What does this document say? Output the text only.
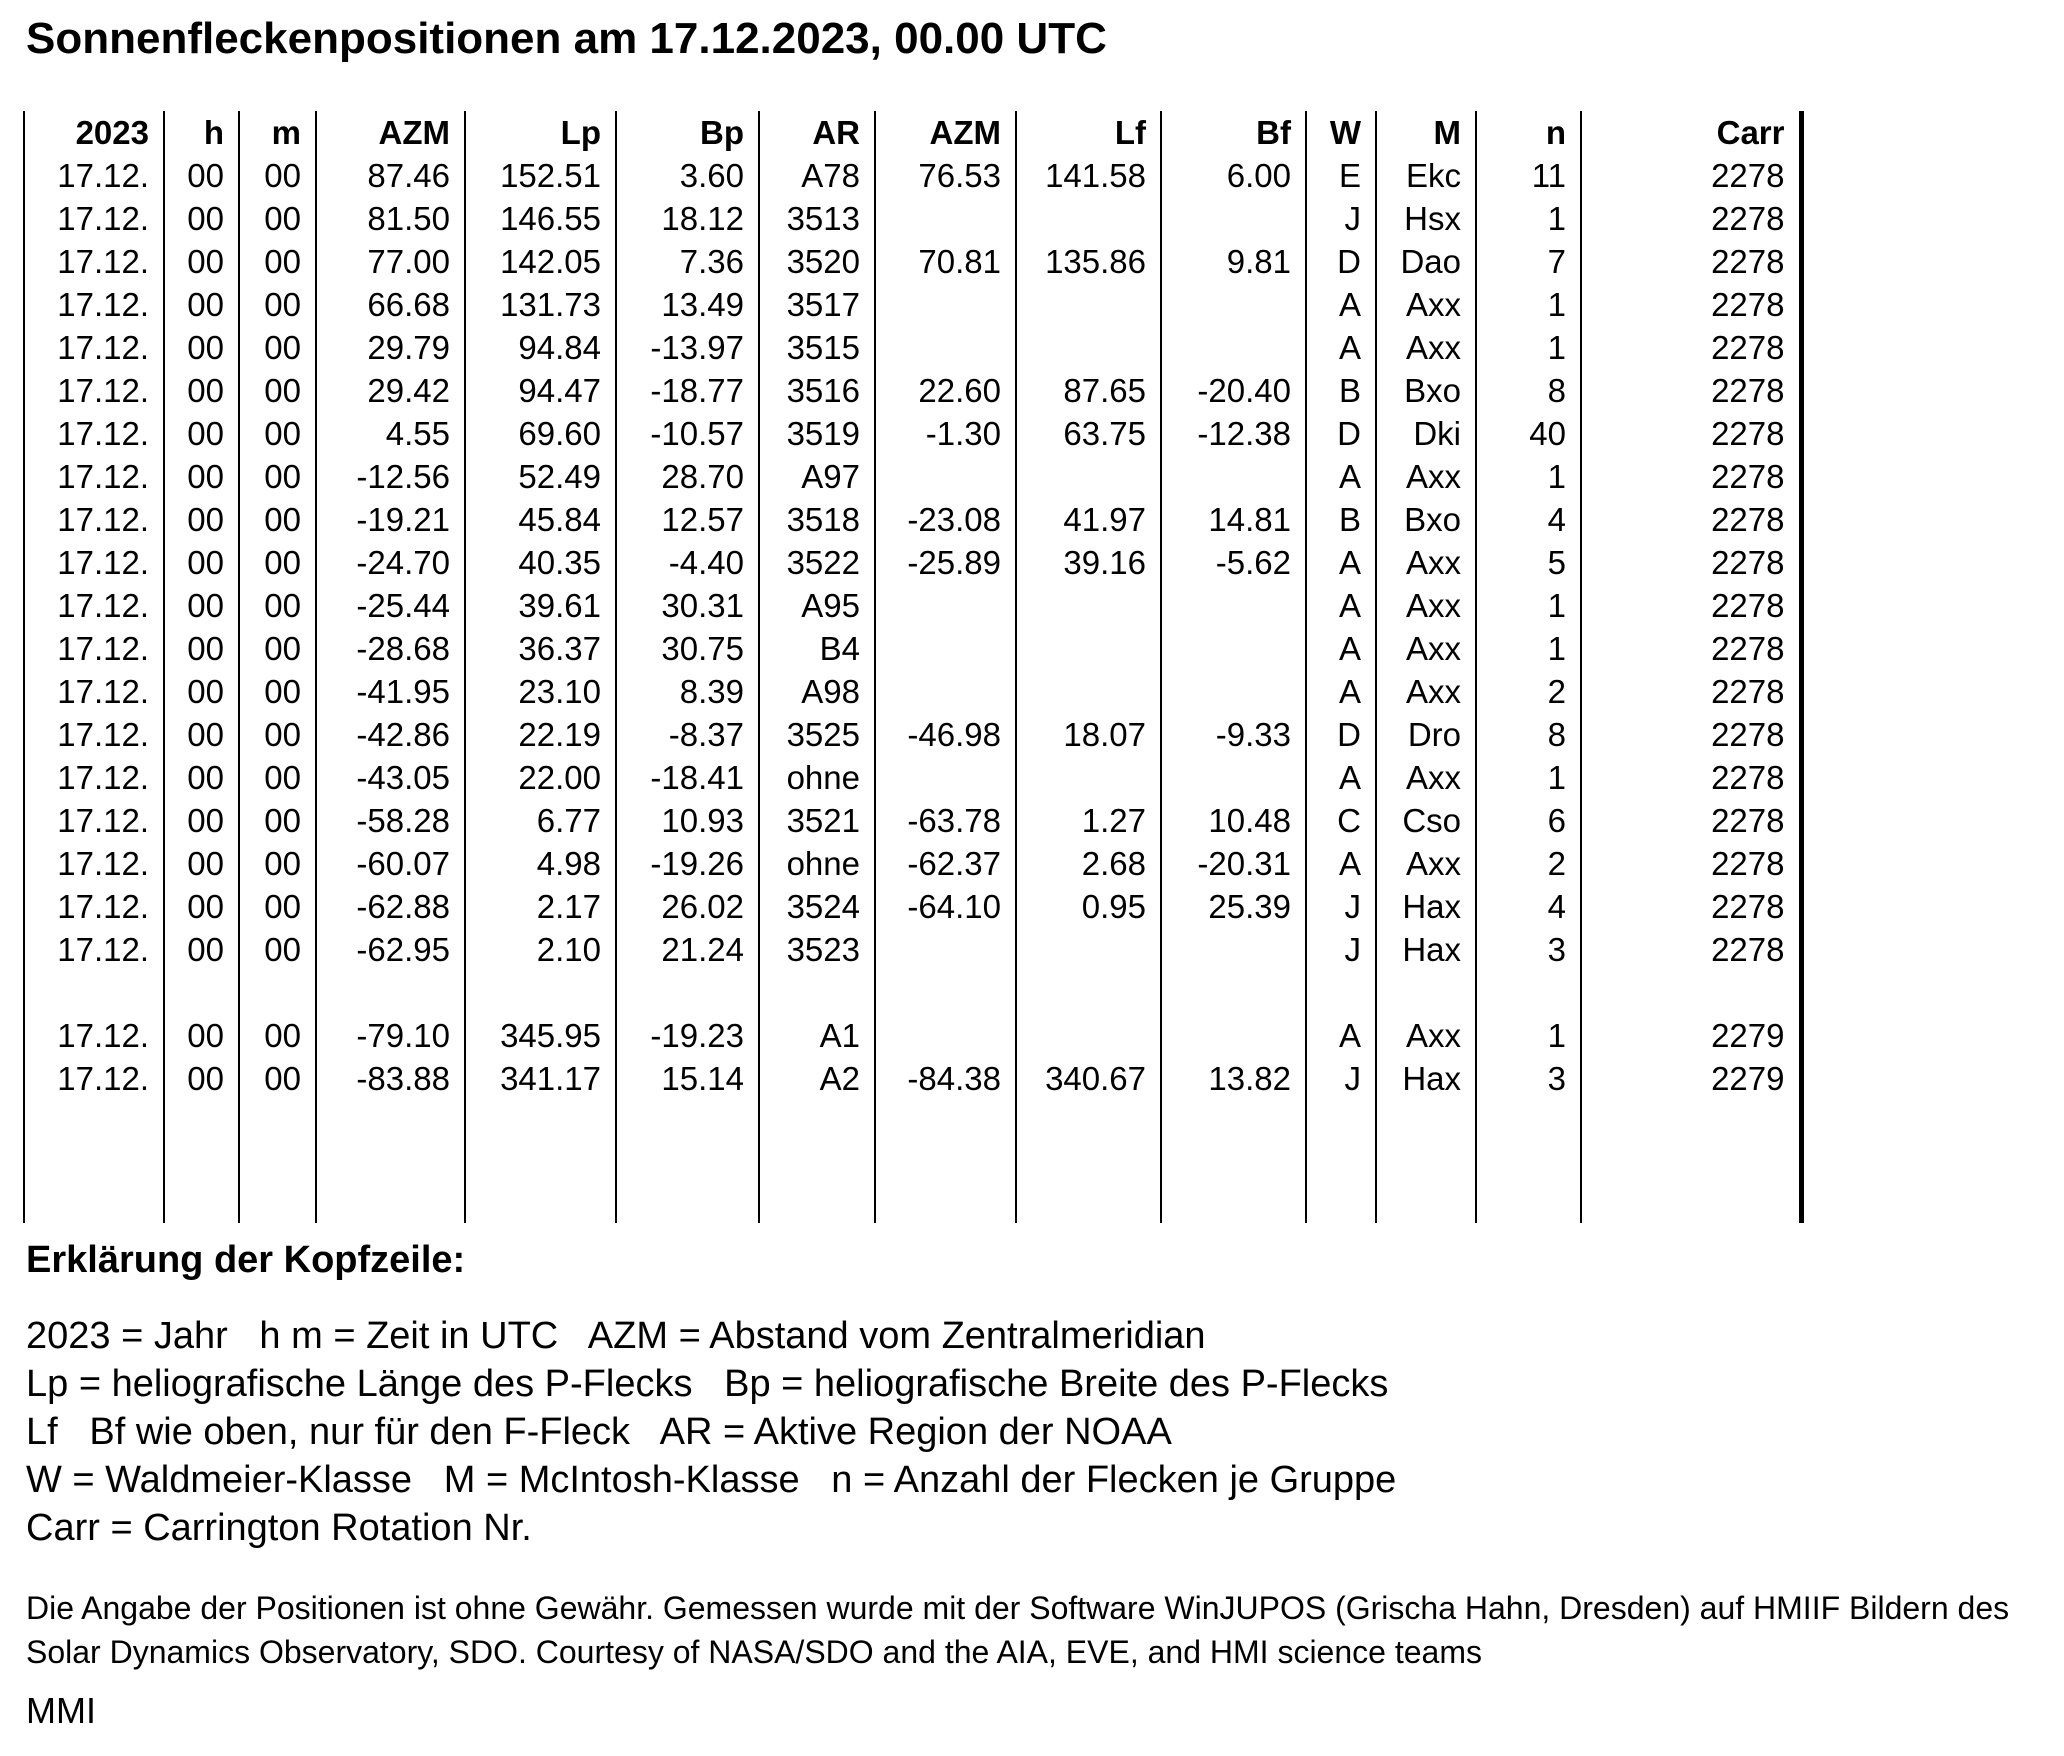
Sonnenfleckenpositionen am 17.12.2023, 00.00 UTC
2023	h	m	AZM	Lp	Bp	AR	AZM	Lf	Bf	W	M	n	Carr
17.12.	00	00	87.46	152.51	3.60	A78	76.53	141.58	6.00	E	Ekc	11	2278
17.12.	00	00	81.50	146.55	18.12	3513				J	Hsx	1	2278
17.12.	00	00	77.00	142.05	7.36	3520	70.81	135.86	9.81	D	Dao	7	2278
17.12.	00	00	66.68	131.73	13.49	3517				A	Axx	1	2278
17.12.	00	00	29.79	94.84	-13.97	3515				A	Axx	1	2278
17.12.	00	00	29.42	94.47	-18.77	3516	22.60	87.65	-20.40	B	Bxo	8	2278
17.12.	00	00	4.55	69.60	-10.57	3519	-1.30	63.75	-12.38	D	Dki	40	2278
17.12.	00	00	-12.56	52.49	28.70	A97				A	Axx	1	2278
17.12.	00	00	-19.21	45.84	12.57	3518	-23.08	41.97	14.81	B	Bxo	4	2278
17.12.	00	00	-24.70	40.35	-4.40	3522	-25.89	39.16	-5.62	A	Axx	5	2278
17.12.	00	00	-25.44	39.61	30.31	A95				A	Axx	1	2278
17.12.	00	00	-28.68	36.37	30.75	B4				A	Axx	1	2278
17.12.	00	00	-41.95	23.10	8.39	A98				A	Axx	2	2278
17.12.	00	00	-42.86	22.19	-8.37	3525	-46.98	18.07	-9.33	D	Dro	8	2278
17.12.	00	00	-43.05	22.00	-18.41	ohne				A	Axx	1	2278
17.12.	00	00	-58.28	6.77	10.93	3521	-63.78	1.27	10.48	C	Cso	6	2278
17.12.	00	00	-60.07	4.98	-19.26	ohne	-62.37	2.68	-20.31	A	Axx	2	2278
17.12.	00	00	-62.88	2.17	26.02	3524	-64.10	0.95	25.39	J	Hax	4	2278
17.12.	00	00	-62.95	2.10	21.24	3523				J	Hax	3	2278

17.12.	00	00	-79.10	345.95	-19.23	A1				A	Axx	1	2279
17.12.	00	00	-83.88	341.17	15.14	A2	-84.38	340.67	13.82	J	Hax	3	2279

Erklärung der Kopfzeile:
2023 = Jahr   h m = Zeit in UTC   AZM = Abstand vom Zentralmeridian
Lp = heliografische Länge des P-Flecks   Bp = heliografische Breite des P-Flecks
Lf   Bf wie oben, nur für den F-Fleck   AR = Aktive Region der NOAA
W = Waldmeier-Klasse   M = McIntosh-Klasse   n = Anzahl der Flecken je Gruppe
Carr = Carrington Rotation Nr.
Die Angabe der Positionen ist ohne Gewähr. Gemessen wurde mit der Software WinJUPOS (Grischa Hahn, Dresden) auf HMIIF Bildern des Solar Dynamics Observatory, SDO. Courtesy of NASA/SDO and the AIA, EVE, and HMI science teams
MMI
